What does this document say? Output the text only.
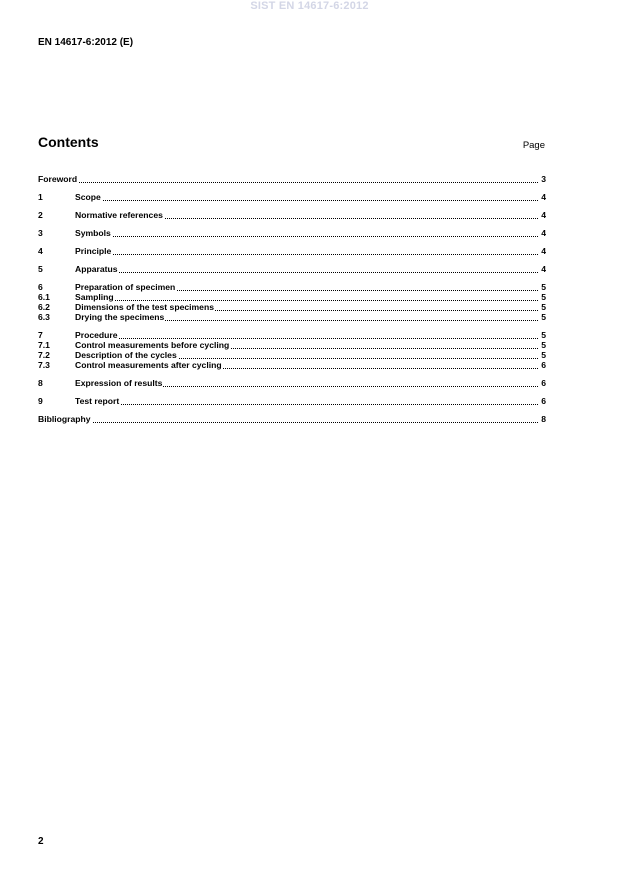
SIST EN 14617-6:2012
EN 14617-6:2012 (E)
Contents	Page
Foreword	3
1	Scope	4
2	Normative references	4
3	Symbols	4
4	Principle	4
5	Apparatus	4
6	Preparation of specimen	5
6.1	Sampling	5
6.2	Dimensions of the test specimens	5
6.3	Drying the specimens	5
7	Procedure	5
7.1	Control measurements before cycling	5
7.2	Description of the cycles	5
7.3	Control measurements after cycling	6
8	Expression of results	6
9	Test report	6
Bibliography	8
2
